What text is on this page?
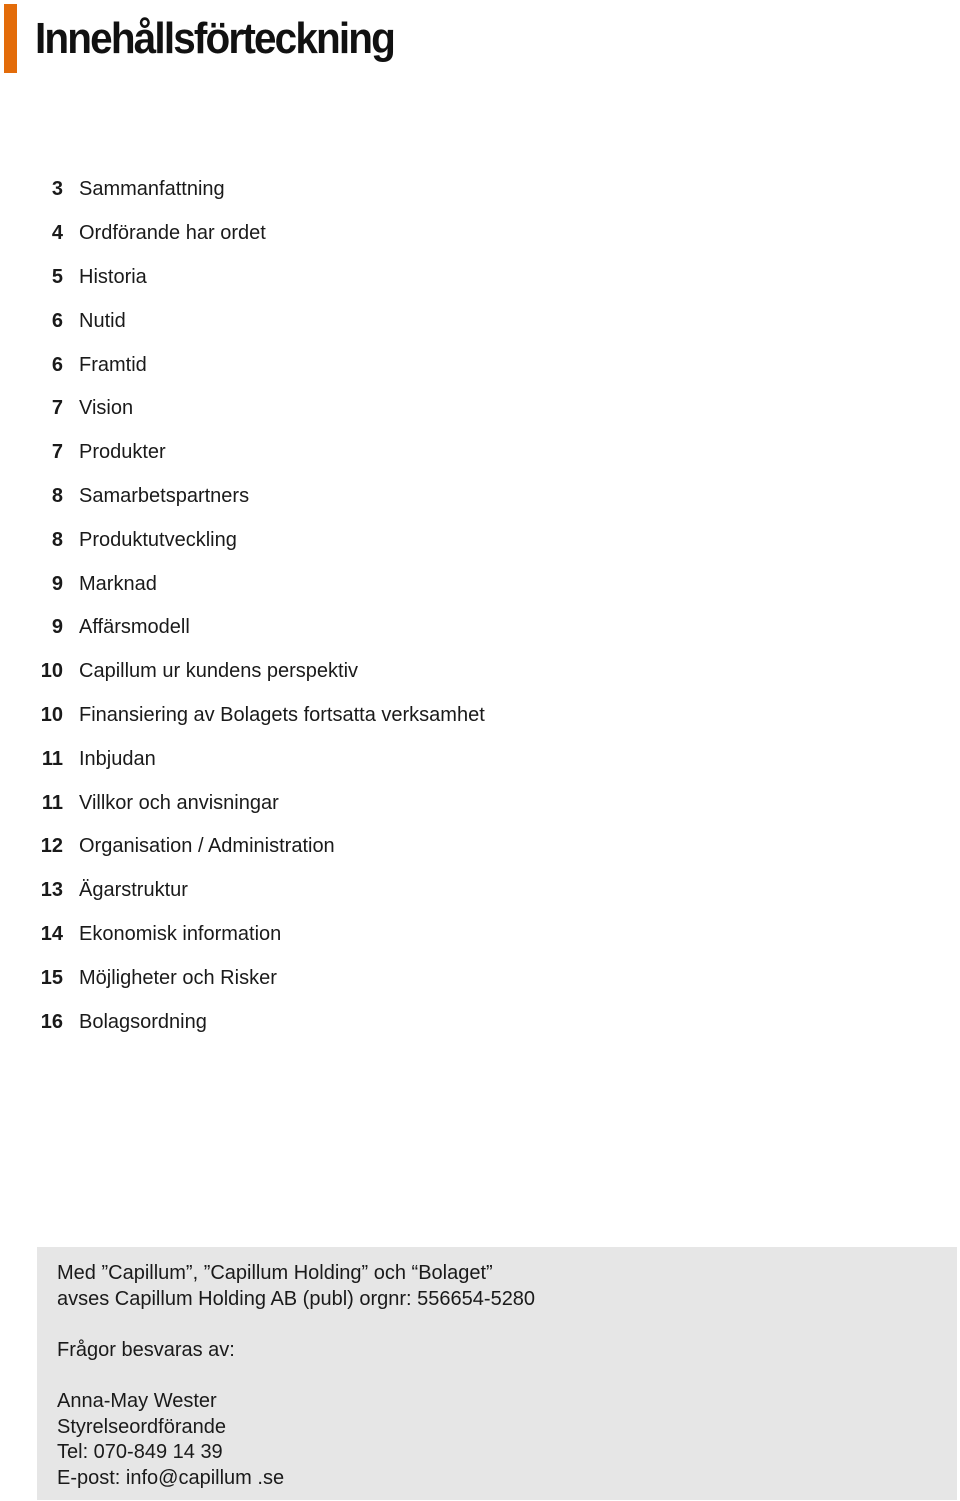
Innehållsförteckning
3 Sammanfattning
4 Ordförande har ordet
5 Historia
6 Nutid
6 Framtid
7 Vision
7 Produkter
8 Samarbetspartners
8 Produktutveckling
9 Marknad
9 Affärsmodell
10 Capillum ur kundens perspektiv
10 Finansiering av Bolagets fortsatta verksamhet
11 Inbjudan
11 Villkor och anvisningar
12 Organisation / Administration
13 Ägarstruktur
14 Ekonomisk information
15 Möjligheter och Risker
16 Bolagsordning

Med ”Capillum”, ”Capillum Holding” och “Bolaget”

avses Capillum Holding AB (publ) orgnr: 556654-5280

Frågor besvaras av:

Anna-May Wester

Styrelseordförande

Tel: 070-849 14 39

E-post: info@capillum .se
